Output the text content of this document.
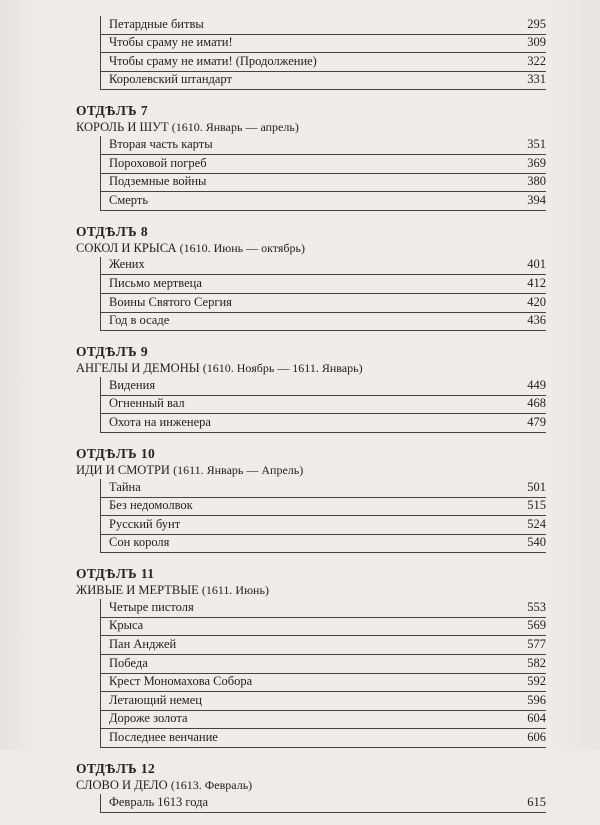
Петардные битвы	295
Чтобы сраму не имати!	309
Чтобы сраму не имати! (Продолжение)	322
Королевский штандарт	331
ОТДѢЛЪ 7
КОРОЛЬ И ШУТ (1610. Январь — апрель)
Вторая часть карты	351
Пороховой погреб	369
Подземные войны	380
Смерть	394
ОТДѢЛЪ 8
СОКОЛ И КРЫСА (1610. Июнь — октябрь)
Жених	401
Письмо мертвеца	412
Воины Святого Сергия	420
Год в осаде	436
ОТДѢЛЪ 9
АНГЕЛЫ И ДЕМОНЫ (1610. Ноябрь — 1611. Январь)
Видения	449
Огненный вал	468
Охота на инженера	479
ОТДѢЛЪ 10
ИДИ И СМОТРИ (1611. Январь — Апрель)
Тайна	501
Без недомолвок	515
Русский бунт	524
Сон короля	540
ОТДѢЛЪ 11
ЖИВЫЕ И МЕРТВЫЕ (1611. Июнь)
Четыре пистоля	553
Крыса	569
Пан Анджей	577
Победа	582
Крест Мономахова Собора	592
Летающий немец	596
Дороже золота	604
Последнее венчание	606
ОТДѢЛЪ 12
СЛОВО И ДЕЛО (1613. Февраль)
Февраль 1613 года	615
